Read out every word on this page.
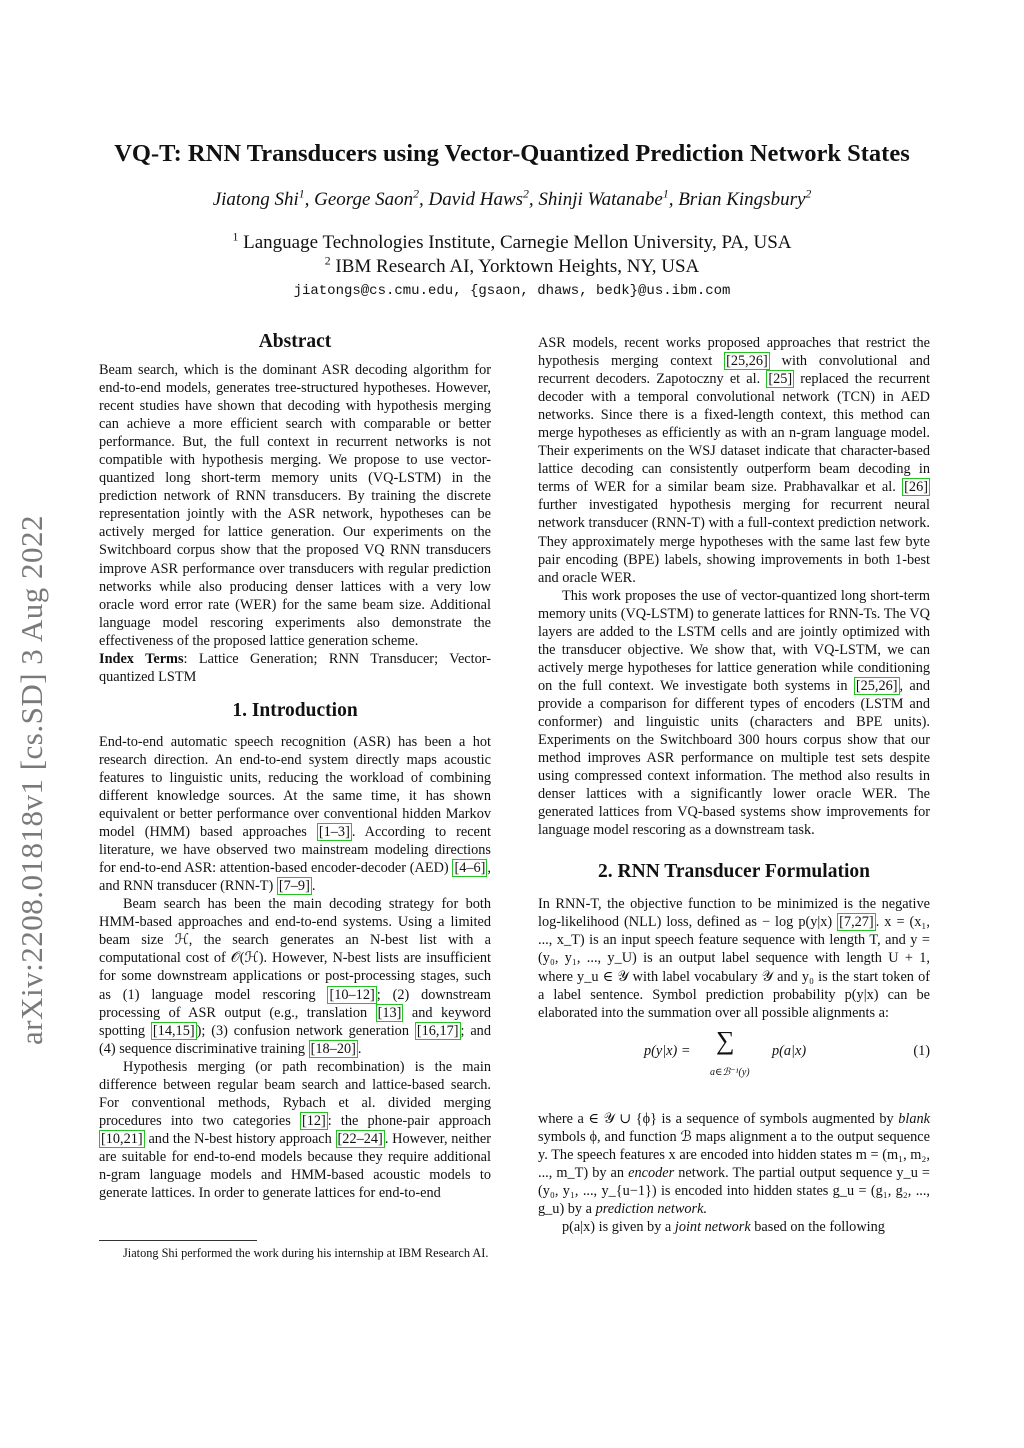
arXiv:2208.01818v1 [cs.SD] 3 Aug 2022
VQ-T: RNN Transducers using Vector-Quantized Prediction Network States
Jiatong Shi$^1$, George Saon$^2$, David Haws$^2$, Shinji Watanabe$^1$, Brian Kingsbury$^2$
$^1$ Language Technologies Institute, Carnegie Mellon University, PA, USA
$^2$ IBM Research AI, Yorktown Heights, NY, USA
jiatongs@cs.cmu.edu, {gsaon, dhaws, bedk}@us.ibm.com
Abstract

Beam search, which is the dominant ASR decoding algorithm for end-to-end models, generates tree-structured hypotheses. However, recent studies have shown that decoding with hypothesis merging can achieve a more efficient search with comparable or better performance. But, the full context in recurrent networks is not compatible with hypothesis merging. We propose to use vector-quantized long short-term memory units (VQ-LSTM) in the prediction network of RNN transducers. By training the discrete representation jointly with the ASR network, hypotheses can be actively merged for lattice generation. Our experiments on the Switchboard corpus show that the proposed VQ RNN transducers improve ASR performance over transducers with regular prediction networks while also producing denser lattices with a very low oracle word error rate (WER) for the same beam size. Additional language model rescoring experiments also demonstrate the effectiveness of the proposed lattice generation scheme.

Index Terms: Lattice Generation; RNN Transducer; Vector-quantized LSTM

1. Introduction

End-to-end automatic speech recognition (ASR) has been a hot research direction. An end-to-end system directly maps acoustic features to linguistic units, reducing the workload of combining different knowledge sources. At the same time, it has shown equivalent or better performance over conventional hidden Markov model (HMM) based approaches [1–3] . According to recent literature, we have observed two mainstream modeling directions for end-to-end ASR: attention-based encoder-decoder (AED) [4–6] , and RNN transducer (RNN-T) [7–9] .

Beam search has been the main decoding strategy for both HMM-based approaches and end-to-end systems. Using a limited beam size ℋ, the search generates an N-best list with a computational cost of 𝒪(ℋ). However, N-best lists are insufficient for some downstream applications or post-processing stages, such as (1) language model rescoring [10–12] ; (2) downstream processing of ASR output (e.g., translation [13] and keyword spotting [14,15] ); (3) confusion network generation [16,17] ; and (4) sequence discriminative training [18–20] .

Hypothesis merging (or path recombination) is the main difference between regular beam search and lattice-based search. For conventional methods, Rybach et al. divided merging procedures into two categories [12] : the phone-pair approach [10,21] and the N-best history approach [22–24] . However, neither are suitable for end-to-end models because they require additional n-gram language models and HMM-based acoustic models to generate lattices. In order to generate lattices for end-to-end

Jiatong Shi performed the work during his internship at IBM Research AI.

ASR models, recent works proposed approaches that restrict the hypothesis merging context [25,26] with convolutional and recurrent decoders. Zapotoczny et al. [25] replaced the recurrent decoder with a temporal convolutional network (TCN) in AED networks. Since there is a fixed-length context, this method can merge hypotheses as efficiently as with an n-gram language model. Their experiments on the WSJ dataset indicate that character-based lattice decoding can consistently outperform beam decoding in terms of WER for a similar beam size. Prabhavalkar et al. [26] further investigated hypothesis merging for recurrent neural network transducer (RNN-T) with a full-context prediction network. They approximately merge hypotheses with the same last few byte pair encoding (BPE) labels, showing improvements in both 1-best and oracle WER.

This work proposes the use of vector-quantized long short-term memory units (VQ-LSTM) to generate lattices for RNN-Ts. The VQ layers are added to the LSTM cells and are jointly optimized with the transducer objective. We show that, with VQ-LSTM, we can actively merge hypotheses for lattice generation while conditioning on the full context. We investigate both systems in [25,26] , and provide a comparison for different types of encoders (LSTM and conformer) and linguistic units (characters and BPE units). Experiments on the Switchboard 300 hours corpus show that our method improves ASR performance on multiple test sets despite using compressed context information. The method also results in denser lattices with a significantly lower oracle WER. The generated lattices from VQ-based systems show improvements for language model rescoring as a downstream task.

2. RNN Transducer Formulation

In RNN-T, the objective function to be minimized is the negative log-likelihood (NLL) loss, defined as − log p(y|x) [7,27] . x = (x₁, ..., x_T) is an input speech feature sequence with length T, and y = (y₀, y₁, ..., y_U) is an output label sequence with length U + 1, where y_u ∈ 𝒴 with label vocabulary 𝒴 and y₀ is the start token of a label sentence. Symbol prediction probability p(y|x) can be elaborated into the summation over all possible alignments a:

p(y|x) = ∑
a∈ℬ⁻¹(y)
p(a|x)	(1)

where a ∈ 𝒴 ∪ {ϕ} is a sequence of symbols augmented by blank symbols ϕ, and function ℬ maps alignment a to the output sequence y. The speech features x are encoded into hidden states m = (m₁, m₂, ..., m_T) by an encoder network. The partial output sequence y_u = (y₀, y₁, ..., y_{u−1}) is encoded into hidden states g_u = (g₁, g₂, ..., g_u) by a prediction network.

p(a|x) is given by a joint network based on the following
